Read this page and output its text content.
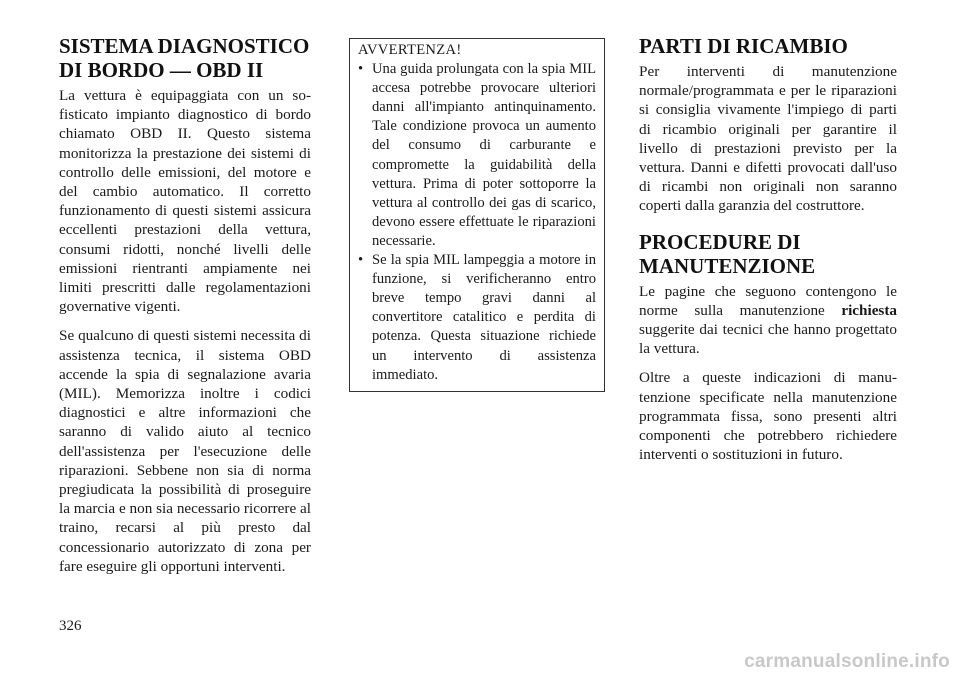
SISTEMA DIAGNOSTICO DI BORDO — OBD II

La vettura è equipaggiata con un sofisticato impianto diagnostico di bordo chiamato OBD II. Questo sistema monitorizza la prestazione dei sistemi di controllo delle emissioni, del motore e del cambio automatico. Il corretto funzionamento di questi sistemi assicura eccellenti prestazioni della vettura, consumi ridotti, nonché livelli delle emissioni rientranti ampiamente nei limiti prescritti dalle regolamentazioni governative vigenti.

Se qualcuno di questi sistemi necessita di assistenza tecnica, il sistema OBD accende la spia di segnalazione avaria (MIL). Memorizza inoltre i codici diagnostici e altre informazioni che saranno di valido aiuto al tecnico dell'assistenza per l'esecuzione delle riparazioni. Sebbene non sia di norma pregiudicata la possibilità di proseguire la marcia e non sia necessario ricorrere al traino, recarsi al più presto dal concessionario autorizzato di zona per fare eseguire gli opportuni interventi.

AVVERTENZA!
• Una guida prolungata con la spia MIL accesa potrebbe provocare ulteriori danni all'impianto antinquinamento. Tale condizione provoca un aumento del consumo di carburante e compromette la guidabilità della vettura. Prima di poter sottoporre la vettura al controllo dei gas di scarico, devono essere effettuate le riparazioni necessarie.
• Se la spia MIL lampeggia a motore in funzione, si verificheranno entro breve tempo gravi danni al convertitore catalitico e perdita di potenza. Questa situazione richiede un intervento di assistenza immediato.
PARTI DI RICAMBIO

Per interventi di manutenzione normale/programmata e per le riparazioni si consiglia vivamente l'impiego di parti di ricambio originali per garantire il livello di prestazioni previsto per la vettura. Danni e difetti provocati dall'uso di ricambi non originali non saranno coperti dalla garanzia del costruttore.

PROCEDURE DI MANUTENZIONE

Le pagine che seguono contengono le norme sulla manutenzione richiesta suggerite dai tecnici che hanno progettato la vettura.

Oltre a queste indicazioni di manutenzione specificate nella manutenzione programmata fissa, sono presenti altri componenti che potrebbero richiedere interventi o sostituzioni in futuro.

326
carmanualsonline.info
